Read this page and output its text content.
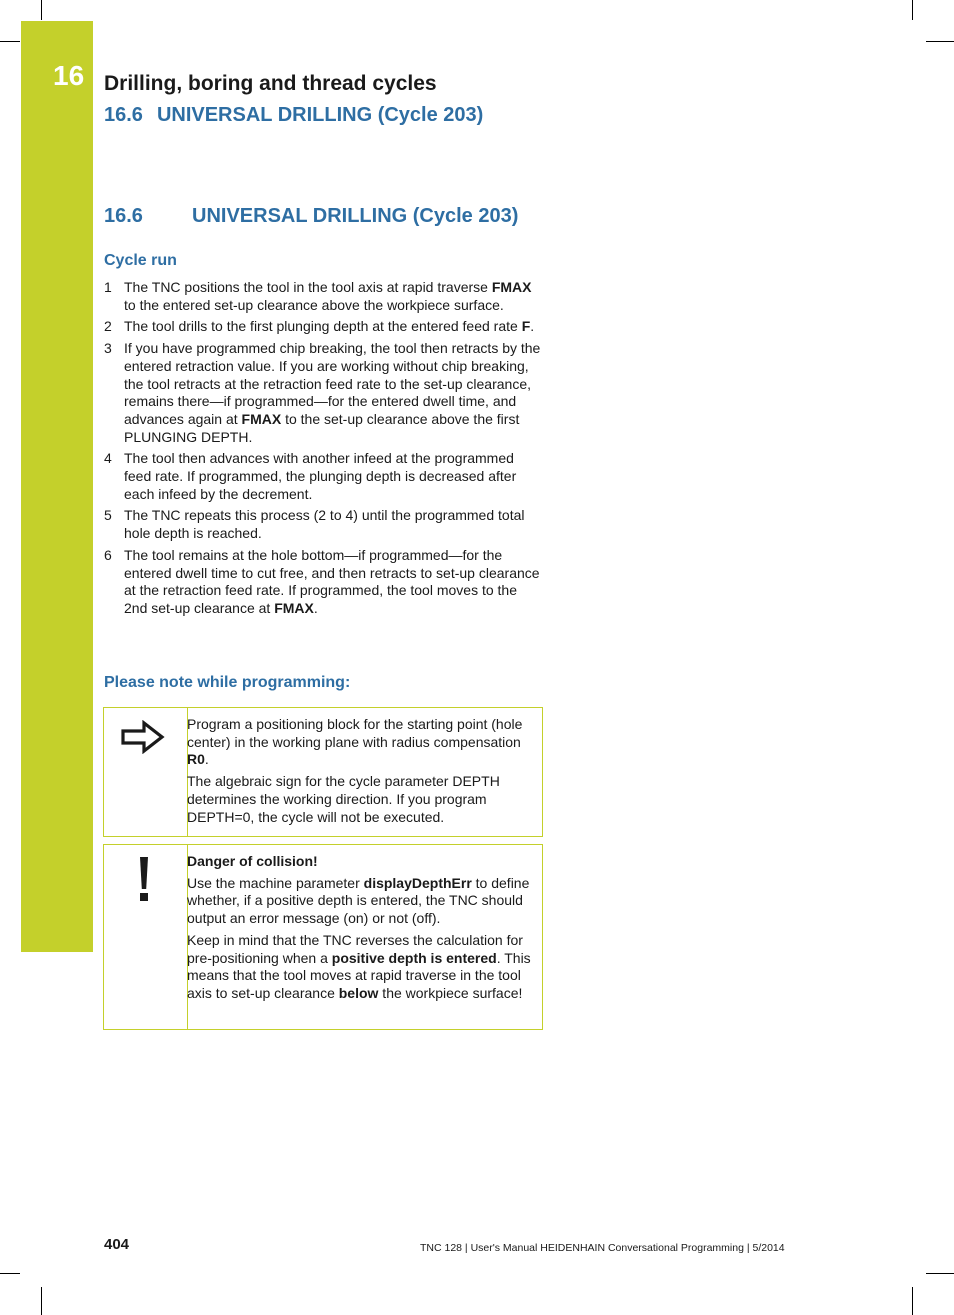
16 Drilling, boring and thread cycles
16.6 UNIVERSAL DRILLING (Cycle 203)
16.6 UNIVERSAL DRILLING (Cycle 203)
Cycle run
1 The TNC positions the tool in the tool axis at rapid traverse FMAX to the entered set-up clearance above the workpiece surface.
2 The tool drills to the first plunging depth at the entered feed rate F.
3 If you have programmed chip breaking, the tool then retracts by the entered retraction value. If you are working without chip breaking, the tool retracts at the retraction feed rate to the set-up clearance, remains there—if programmed—for the entered dwell time, and advances again at FMAX to the set-up clearance above the first PLUNGING DEPTH.
4 The tool then advances with another infeed at the programmed feed rate. If programmed, the plunging depth is decreased after each infeed by the decrement.
5 The TNC repeats this process (2 to 4) until the programmed total hole depth is reached.
6 The tool remains at the hole bottom—if programmed—for the entered dwell time to cut free, and then retracts to set-up clearance at the retraction feed rate. If programmed, the tool moves to the 2nd set-up clearance at FMAX.
Please note while programming:

Program a positioning block for the starting point (hole center) in the working plane with radius compensation R0.

The algebraic sign for the cycle parameter DEPTH determines the working direction. If you program DEPTH=0, the cycle will not be executed.

Danger of collision!

Use the machine parameter displayDepthErr to define whether, if a positive depth is entered, the TNC should output an error message (on) or not (off).

Keep in mind that the TNC reverses the calculation for pre-positioning when a positive depth is entered. This means that the tool moves at rapid traverse in the tool axis to set-up clearance below the workpiece surface!

404	TNC 128 | User's Manual HEIDENHAIN Conversational Programming | 5/2014
